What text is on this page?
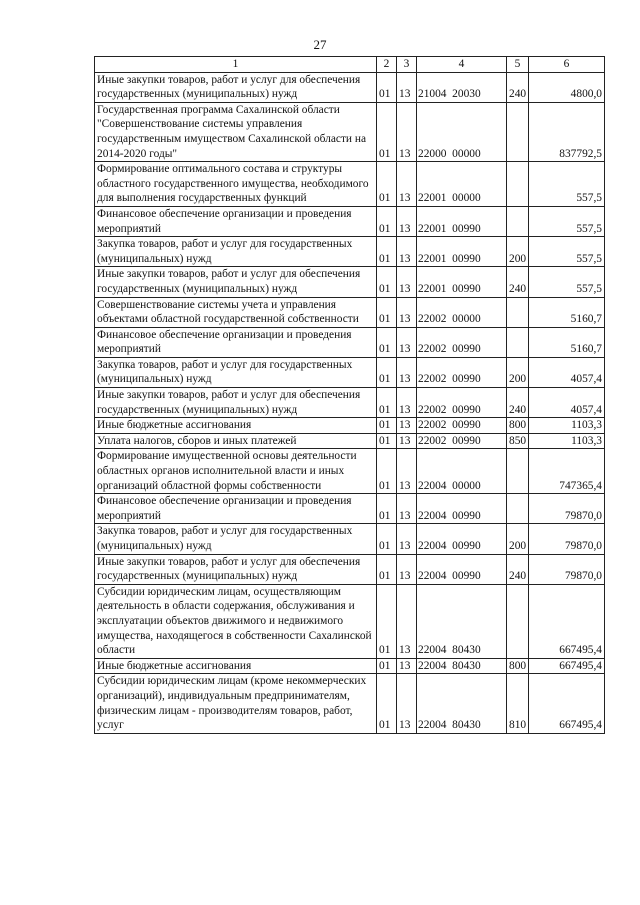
27
1	2	3	4	5	6
Иные закупки товаров, работ и услуг для обеспечения государственных (муниципальных) нужд	01	13	21004  20030	240	4800,0
Государственная программа Сахалинской области "Совершенствование системы управления государственным имуществом Сахалинской области на 2014-2020 годы"	01	13	22000  00000		837792,5
Формирование оптимального состава и структуры областного государственного имущества, необходимого для выполнения государственных функций	01	13	22001  00000		557,5
Финансовое обеспечение организации и проведения мероприятий	01	13	22001  00990		557,5
Закупка товаров, работ и услуг для государственных (муниципальных) нужд	01	13	22001  00990	200	557,5
Иные закупки товаров, работ и услуг для обеспечения государственных (муниципальных) нужд	01	13	22001  00990	240	557,5
Совершенствование системы учета и управления объектами областной государственной собственности	01	13	22002  00000		5160,7
Финансовое обеспечение организации и проведения мероприятий	01	13	22002  00990		5160,7
Закупка товаров, работ и услуг для государственных (муниципальных) нужд	01	13	22002  00990	200	4057,4
Иные закупки товаров, работ и услуг для обеспечения государственных (муниципальных) нужд	01	13	22002  00990	240	4057,4
Иные бюджетные ассигнования	01	13	22002  00990	800	1103,3
Уплата налогов, сборов и иных платежей	01	13	22002  00990	850	1103,3
Формирование имущественной основы деятельности областных органов исполнительной власти и иных организаций областной формы собственности	01	13	22004  00000		747365,4
Финансовое обеспечение организации и проведения мероприятий	01	13	22004  00990		79870,0
Закупка товаров, работ и услуг для государственных (муниципальных) нужд	01	13	22004  00990	200	79870,0
Иные закупки товаров, работ и услуг для обеспечения государственных (муниципальных) нужд	01	13	22004  00990	240	79870,0
Субсидии юридическим лицам, осуществляющим деятельность в области содержания, обслуживания и эксплуатации объектов движимого и недвижимого имущества, находящегося в собственности Сахалинской области	01	13	22004  80430		667495,4
Иные бюджетные ассигнования	01	13	22004  80430	800	667495,4
Субсидии юридическим лицам (кроме некоммерческих организаций), индивидуальным предпринимателям, физическим лицам - производителям товаров, работ, услуг	01	13	22004  80430	810	667495,4
